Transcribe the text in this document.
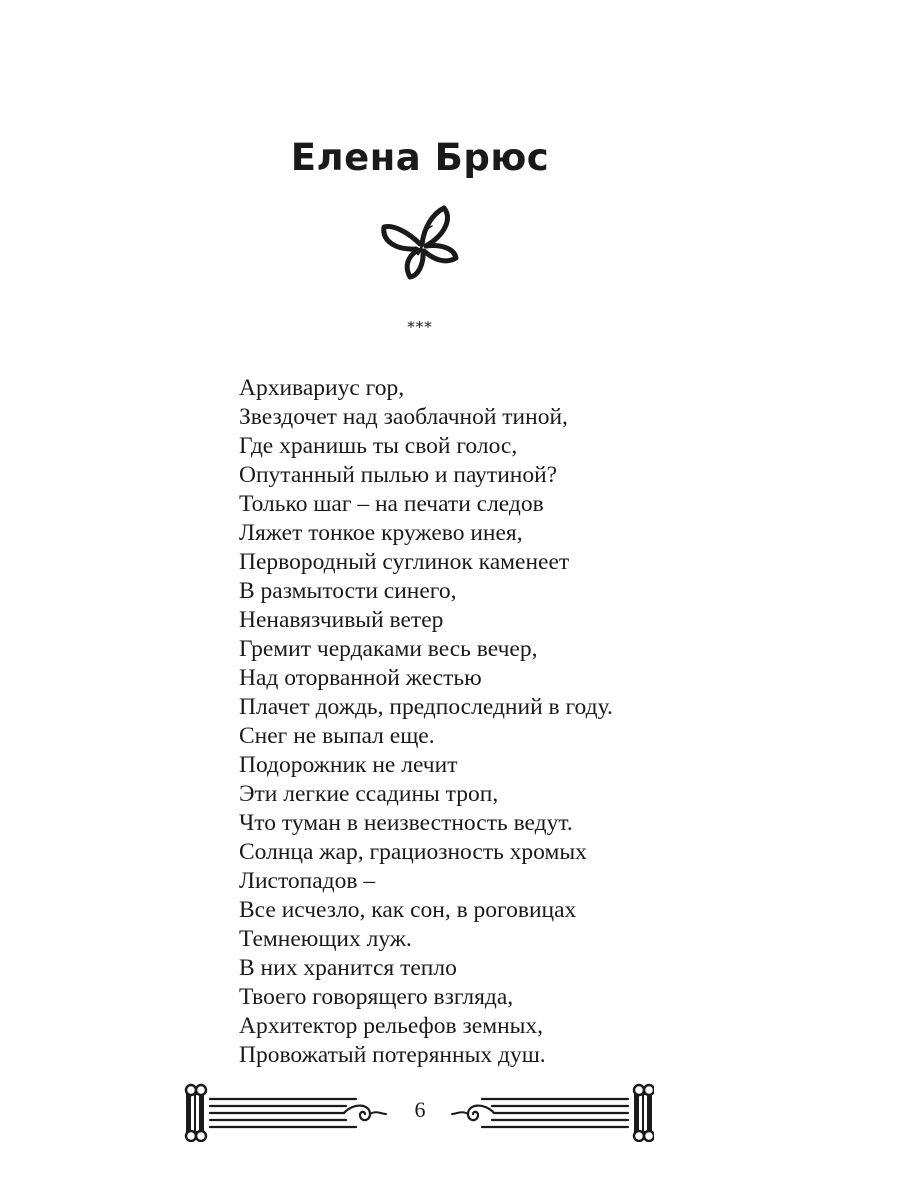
Елена Брюс
***
Архивариус гор,
Звездочет над заоблачной тиной,
Где хранишь ты свой голос,
Опутанный пылью и паутиной?
Только шаг – на печати следов
Ляжет тонкое кружево инея,
Первородный суглинок каменеет
В размытости синего,
Ненавязчивый ветер
Гремит чердаками весь вечер,
Над оторванной жестью
Плачет дождь, предпоследний в году.
Снег не выпал еще.
Подорожник не лечит
Эти легкие ссадины троп,
Что туман в неизвестность ведут.
Солнца жар, грациозность хромых
Листопадов –
Все исчезло, как сон, в роговицах
Темнеющих луж.
В них хранится тепло
Твоего говорящего взгляда,
Архитектор рельефов земных,
Провожатый потерянных душ.
6
